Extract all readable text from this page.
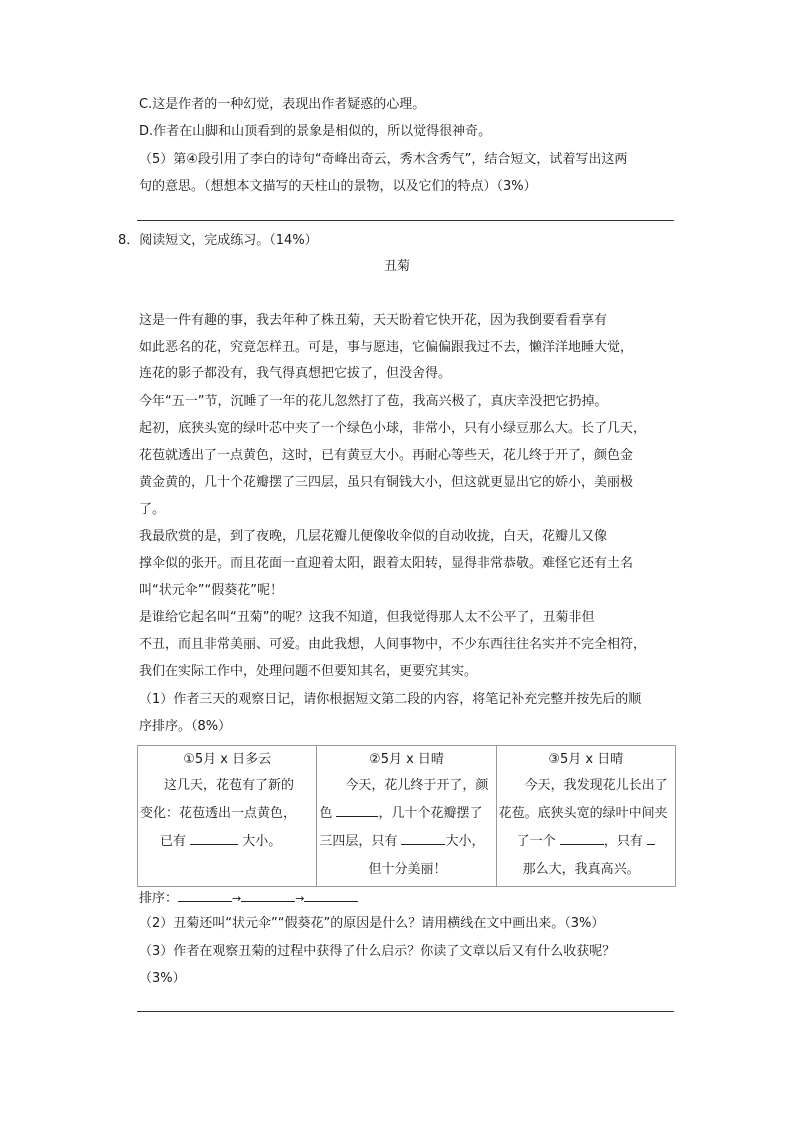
C.这是作者的一种幻觉，表现出作者疑惑的心理。
D.作者在山脚和山顶看到的景象是相似的，所以觉得很神奇。
（5）第④段引用了李白的诗句“奇峰出奇云，秀木含秀气”，结合短文，试着写出这两
句的意思。（想想本文描写的天柱山的景物，以及它们的特点）（3%）
8．阅读短文，完成练习。（14%）
丑菊
这是一件有趣的事，我去年种了株丑菊，天天盼着它快开花，因为我倒要看看享有
如此恶名的花，究竟怎样丑。可是，事与愿违，它偏偏跟我过不去，懒洋洋地睡大觉，
连花的影子都没有，我气得真想把它拔了，但没舍得。
今年“五一”节，沉睡了一年的花儿忽然打了苞，我高兴极了，真庆幸没把它扔掉。
起初，底狭头宽的绿叶芯中夹了一个绿色小球，非常小，只有小绿豆那么大。长了几天，
花苞就透出了一点黄色，这时，已有黄豆大小。再耐心等些天，花儿终于开了，颜色金
黄金黄的，几十个花瓣摆了三四层，虽只有铜钱大小，但这就更显出它的娇小，美丽极
了。
我最欣赏的是，到了夜晚，几层花瓣儿便像收伞似的自动收拢，白天，花瓣儿又像
撑伞似的张开。而且花面一直迎着太阳，跟着太阳转，显得非常恭敬。难怪它还有土名
叫“状元伞”“假葵花”呢！
是谁给它起名叫“丑菊”的呢？这我不知道，但我觉得那人太不公平了，丑菊非但
不丑，而且非常美丽、可爱。由此我想，人间事物中，不少东西往往名实并不完全相符，
我们在实际工作中，处理问题不但要知其名，更要究其实。
（1）作者三天的观察日记，请你根据短文第二段的内容，将笔记补充完整并按先后的顺
序排序。（8%）
①5月 x 日多云
这几天，花苞有了新的
变化：花苞透出一点黄色，
已有	大小。

②5月 x 日晴
今天，花儿终于开了，颜
色	，几十个花瓣摆了
三四层，只有	大小，
但十分美丽！

③5月 x 日晴
今天，我发现花儿长出了
花苞。底狭头宽的绿叶中间夹
了一个	，只有
那么大，我真高兴。
排序：	→	→
（2）丑菊还叫“状元伞”“假葵花”的原因是什么？请用横线在文中画出来。（3%）
（3）作者在观察丑菊的过程中获得了什么启示？你读了文章以后又有什么收获呢？
（3%）
